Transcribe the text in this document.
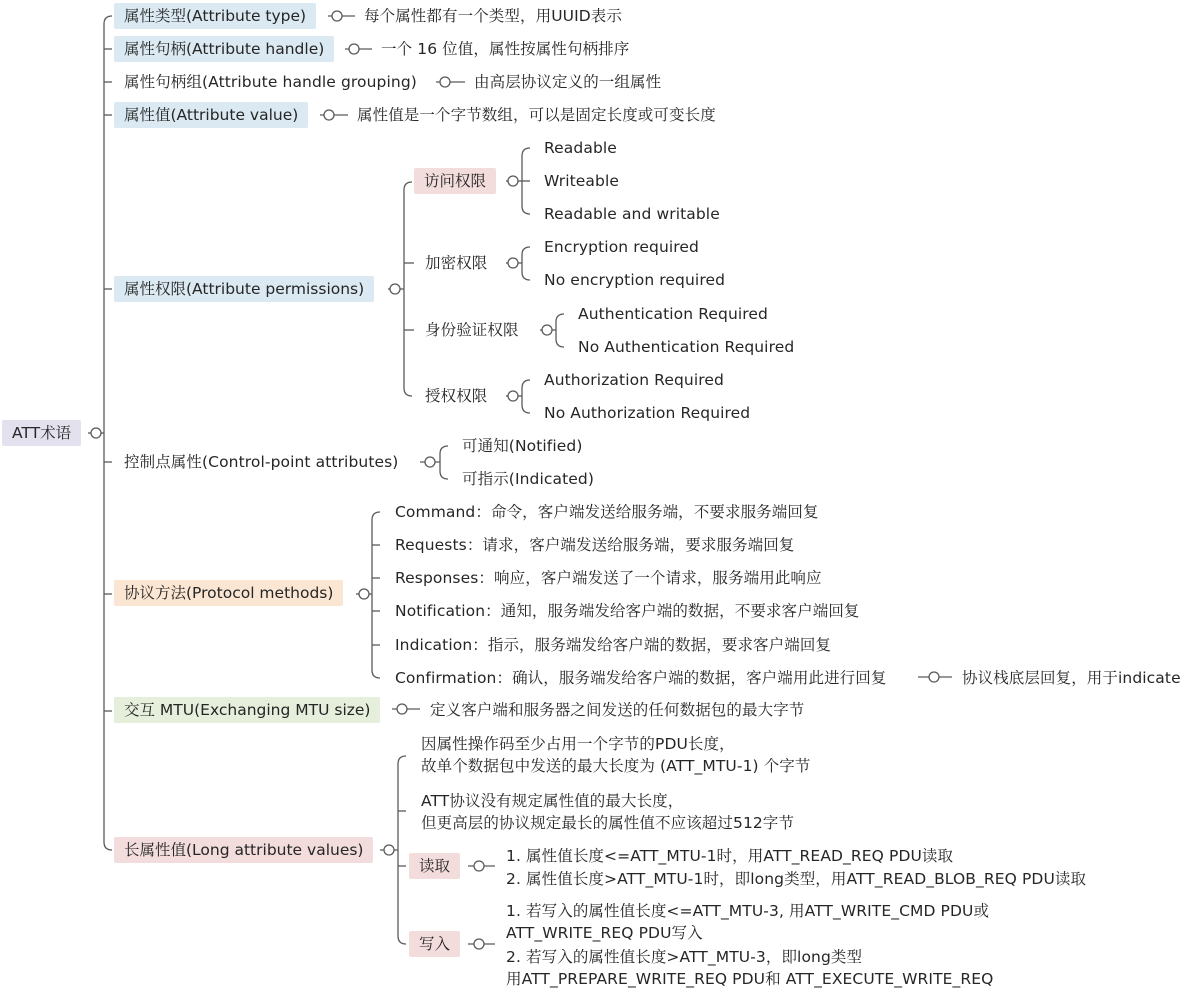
ATT术语
属性类型(Attribute type)	每个属性都有一个类型，用UUID表示
属性句柄(Attribute handle)	一个 16 位值，属性按属性句柄排序
属性句柄组(Attribute handle grouping)	由高层协议定义的一组属性
属性值(Attribute value)	属性值是一个字节数组，可以是固定长度或可变长度
属性权限(Attribute permissions)
访问权限
Readable
Writeable
Readable and writable
加密权限
Encryption required
No encryption required
身份验证权限
Authentication Required
No Authentication Required
授权权限
Authorization Required
No Authorization Required
控制点属性(Control-point attributes)
可通知(Notified)
可指示(Indicated)
协议方法(Protocol methods)
Command：命令，客户端发送给服务端，不要求服务端回复
Requests：请求，客户端发送给服务端，要求服务端回复
Responses：响应，客户端发送了一个请求，服务端用此响应
Notification：通知，服务端发给客户端的数据，不要求客户端回复
Indication：指示，服务端发给客户端的数据，要求客户端回复
Confirmation：确认，服务端发给客户端的数据，客户端用此进行回复	协议栈底层回复，用于indicate
交互 MTU(Exchanging MTU size)	定义客户端和服务器之间发送的任何数据包的最大字节
长属性值(Long attribute values)
因属性操作码至少占用一个字节的PDU长度，
故单个数据包中发送的最大长度为 (ATT_MTU-1) 个字节
ATT协议没有规定属性值的最大长度，
但更高层的协议规定最长的属性值不应该超过512字节
读取
1. 属性值长度<=ATT_MTU-1时，用ATT_READ_REQ PDU读取
2. 属性值长度>ATT_MTU-1时，即long类型，用ATT_READ_BLOB_REQ PDU读取
写入
1. 若写入的属性值长度<=ATT_MTU-3, 用ATT_WRITE_CMD PDU或
ATT_WRITE_REQ PDU写入
2. 若写入的属性值长度>ATT_MTU-3，即long类型
用ATT_PREPARE_WRITE_REQ PDU和 ATT_EXECUTE_WRITE_REQ
